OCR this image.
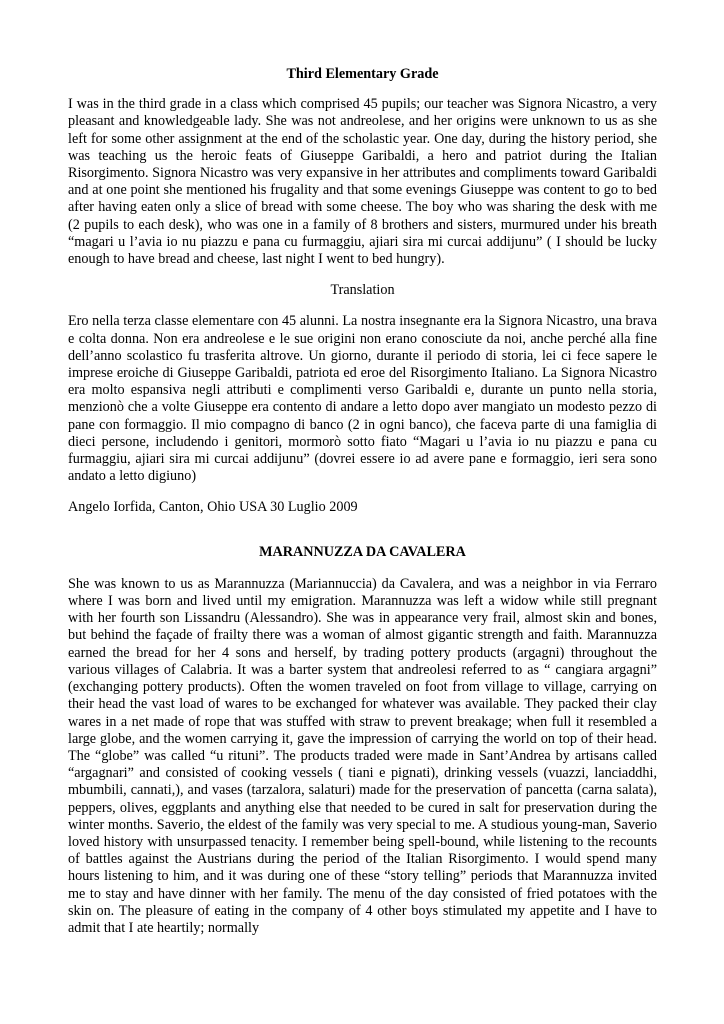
Third Elementary Grade

I was in the third grade in a class which comprised 45 pupils; our teacher was Signora Nicastro, a very pleasant and knowledgeable lady. She was not andreolese, and her origins were unknown to us as she left for some other assignment at the end of the scholastic year. One day, during the history period, she was teaching us the heroic feats of Giuseppe Garibaldi, a hero and patriot during the Italian Risorgimento. Signora Nicastro was very expansive in her attributes and compliments toward Garibaldi and at one point she mentioned his frugality and that some evenings Giuseppe was content to go to bed after having eaten only a slice of bread with some cheese. The boy who was sharing the desk with me (2 pupils to each desk), who was one in a family of 8 brothers and sisters, murmured under his breath “magari u l’avia io nu piazzu e pana cu furmaggiu, ajiari sira mi curcai addijunu” ( I should be lucky enough to have bread and cheese, last night I went to bed hungry).

Translation

Ero nella terza classe elementare con 45 alunni. La nostra insegnante era la Signora Nicastro, una brava e colta donna. Non era andreolese e le sue origini non erano conosciute da noi, anche perché alla fine dell’anno scolastico fu trasferita altrove. Un giorno, durante il periodo di storia, lei ci fece sapere le imprese eroiche di Giuseppe Garibaldi, patriota ed eroe del Risorgimento Italiano. La Signora Nicastro era molto espansiva negli attributi e complimenti verso Garibaldi e, durante un punto nella storia, menzionò che a volte Giuseppe era contento di andare a letto dopo aver mangiato un modesto pezzo di pane con formaggio. Il mio compagno di banco (2 in ogni banco), che faceva parte di una famiglia di dieci persone, includendo i genitori, mormorò sotto fiato “Magari u l’avia io nu piazzu e pana cu furmaggiu, ajiari sira mi curcai addijunu” (dovrei essere io ad avere pane e formaggio, ieri sera sono andato a letto digiuno)

Angelo Iorfida, Canton, Ohio USA 30 Luglio 2009

MARANNUZZA DA CAVALERA

She was known to us as Marannuzza (Mariannuccia) da Cavalera, and was a neighbor in via Ferraro where I was born and lived until my emigration. Marannuzza was left a widow while still pregnant with her fourth son Lissandru (Alessandro). She was in appearance very frail, almost skin and bones, but behind the façade of frailty there was a woman of almost gigantic strength and faith. Marannuzza earned the bread for her 4 sons and herself, by trading pottery products (argagni) throughout the various villages of Calabria. It was a barter system that andreolesi referred to as “ cangiara argagni” (exchanging pottery products). Often the women traveled on foot from village to village, carrying on their head the vast load of wares to be exchanged for whatever was available. They packed their clay wares in a net made of rope that was stuffed with straw to prevent breakage; when full it resembled a large globe, and the women carrying it, gave the impression of carrying the world on top of their head. The “globe” was called “u rituni”. The products traded were made in Sant’Andrea by artisans called “argagnari” and consisted of cooking vessels ( tiani e pignati), drinking vessels (vuazzi, lanciaddhi, mbumbili, cannati,), and vases (tarzalora, salaturi) made for the preservation of pancetta (carna salata), peppers, olives, eggplants and anything else that needed to be cured in salt for preservation during the winter months. Saverio, the eldest of the family was very special to me. A studious young-man, Saverio loved history with unsurpassed tenacity. I remember being spell-bound, while listening to the recounts of battles against the Austrians during the period of the Italian Risorgimento. I would spend many hours listening to him, and it was during one of these “story telling” periods that Marannuzza invited me to stay and have dinner with her family. The menu of the day consisted of fried potatoes with the skin on. The pleasure of eating in the company of 4 other boys stimulated my appetite and I have to admit that I ate heartily; normally
